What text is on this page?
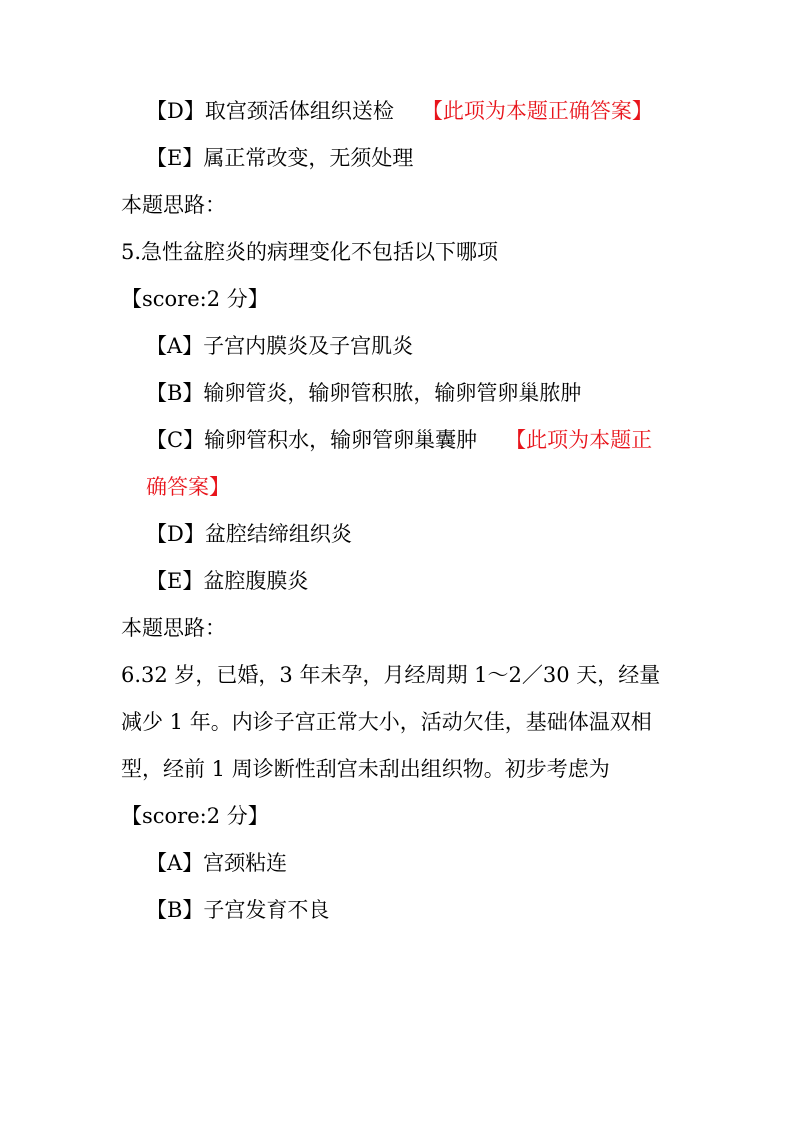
【D】取宫颈活体组织送检 【此项为本题正确答案】
【E】属正常改变，无须处理
本题思路：
5.急性盆腔炎的病理变化不包括以下哪项
【score:2 分】
【A】子宫内膜炎及子宫肌炎
【B】输卵管炎，输卵管积脓，输卵管卵巢脓肿
【C】输卵管积水，输卵管卵巢囊肿 【此项为本题正确答案】
【D】盆腔结缔组织炎
【E】盆腔腹膜炎
本题思路：
6.32 岁，已婚，3 年未孕，月经周期 1～2／30 天，经量减少 1 年。内诊子宫正常大小，活动欠佳，基础体温双相型，经前 1 周诊断性刮宫未刮出组织物。初步考虑为
【score:2 分】
【A】宫颈粘连
【B】子宫发育不良
